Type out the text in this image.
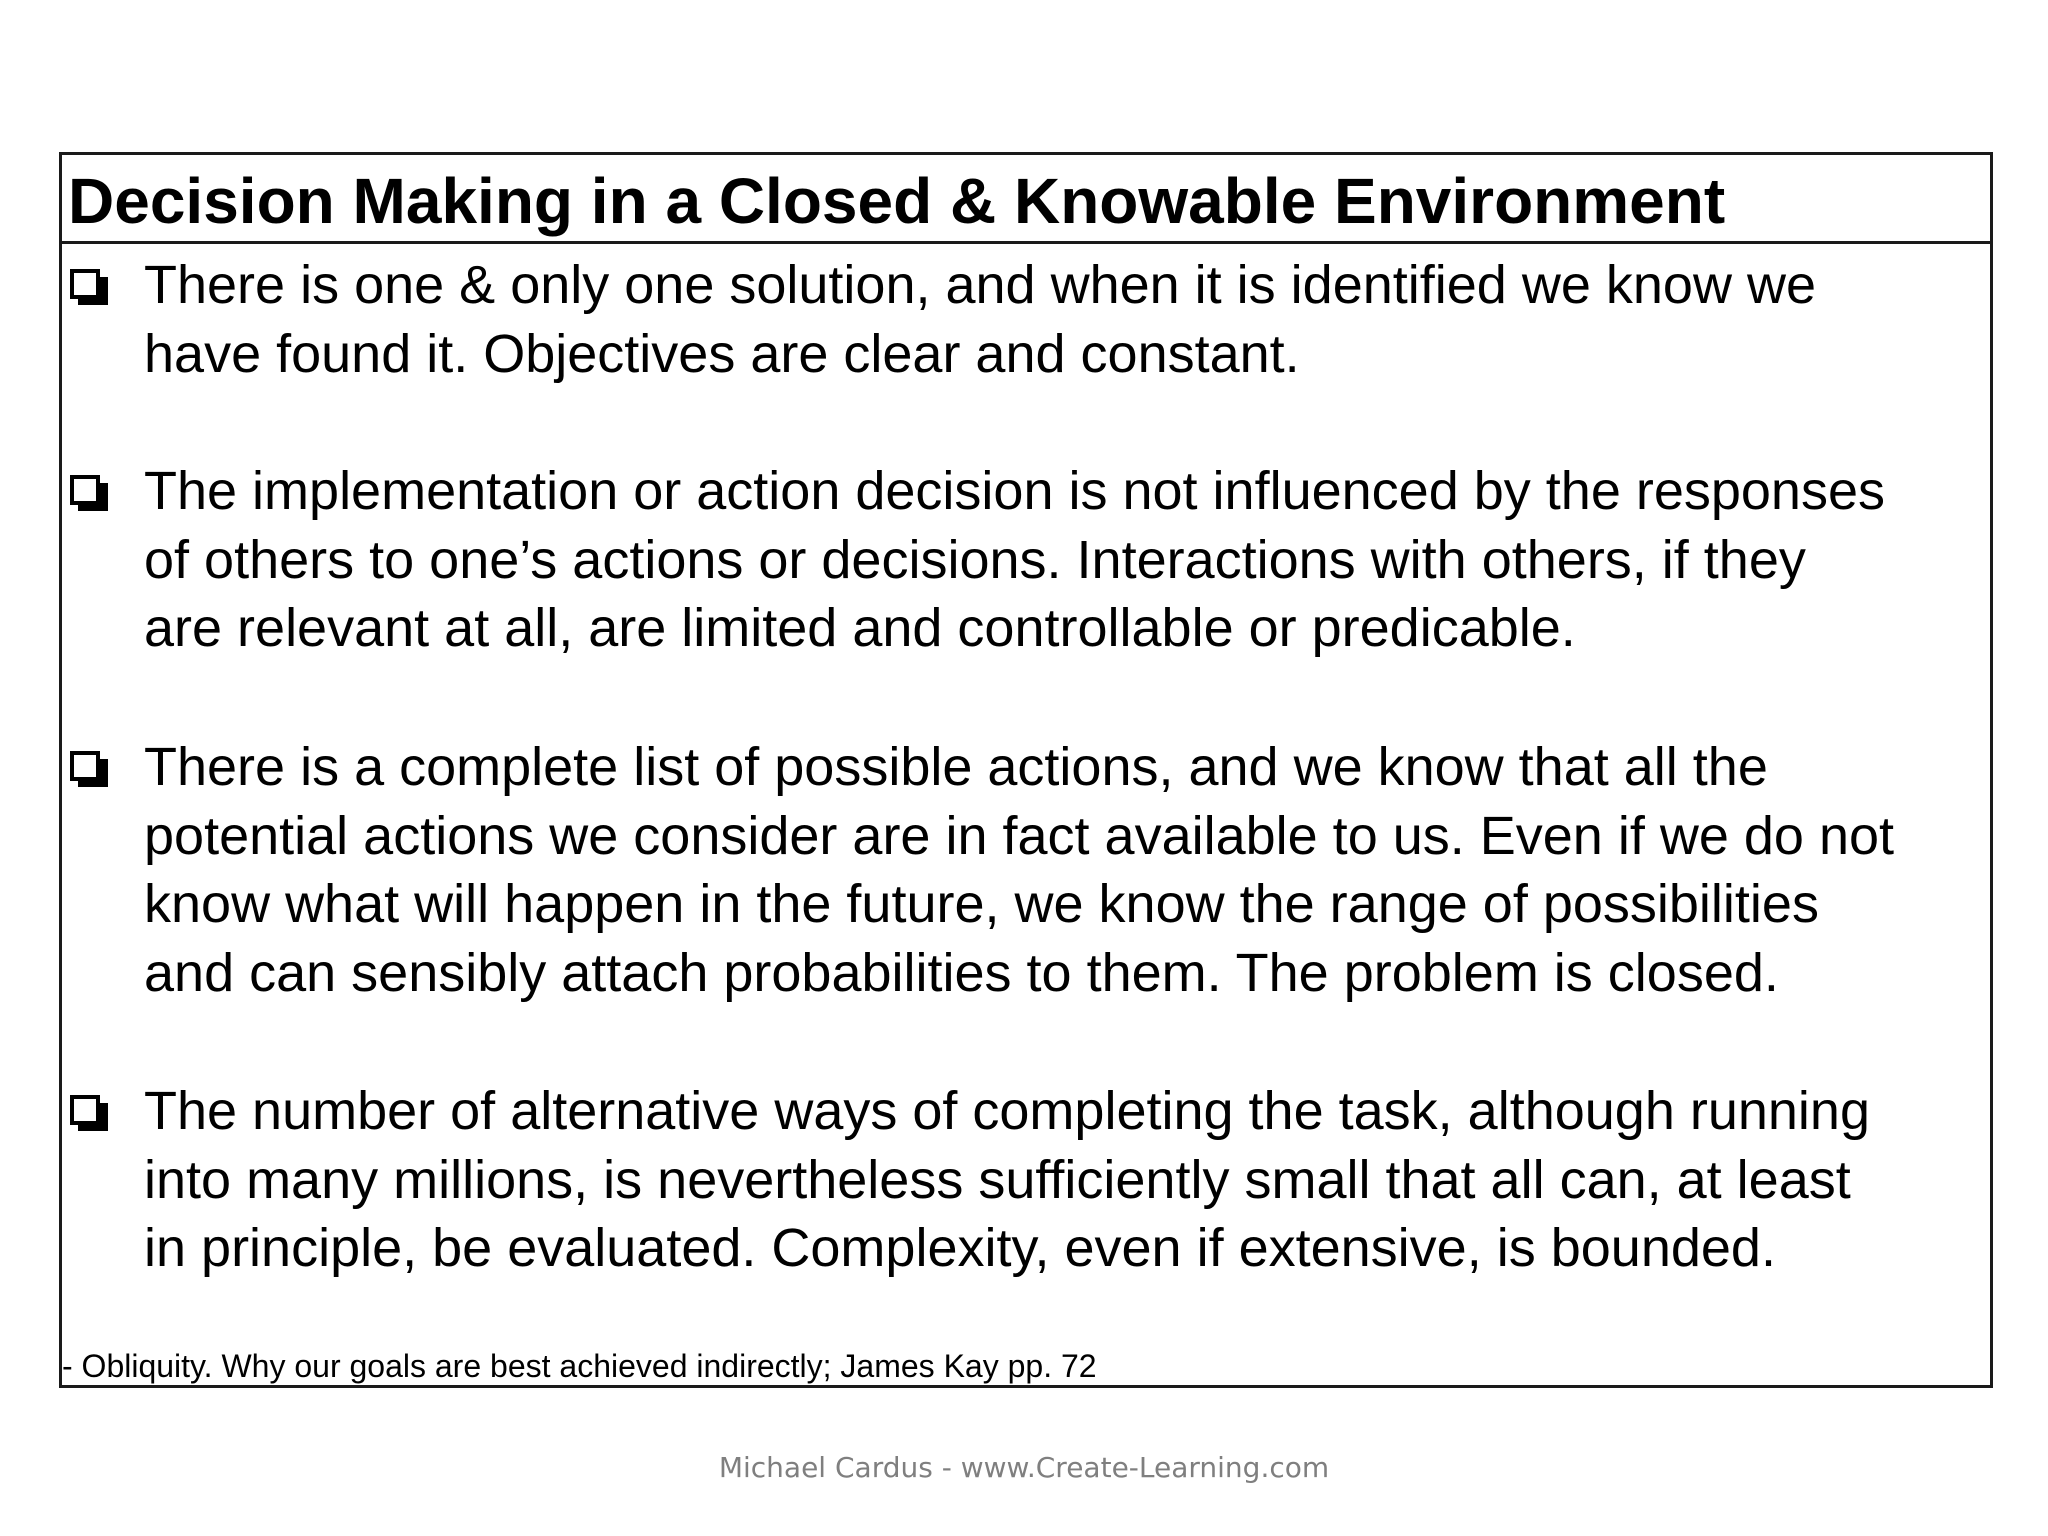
Decision Making in a Closed & Knowable Environment
There is one & only one solution, and when it is identified we know we
have found it. Objectives are clear and constant.
The implementation or action decision is not influenced by the responses
of others to one’s actions or decisions. Interactions with others, if they
are relevant at all, are limited and controllable or predicable.
There is a complete list of possible actions, and we know that all the
potential actions we consider are in fact available to us. Even if we do not
know what will happen in the future, we know the range of possibilities
and can sensibly attach probabilities to them. The problem is closed.
The number of alternative ways of completing the task, although running
into many millions, is nevertheless sufficiently small that all can, at least
in principle, be evaluated. Complexity, even if extensive, is bounded.
- Obliquity. Why our goals are best achieved indirectly; James Kay pp. 72
Michael Cardus - www.Create-Learning.com
